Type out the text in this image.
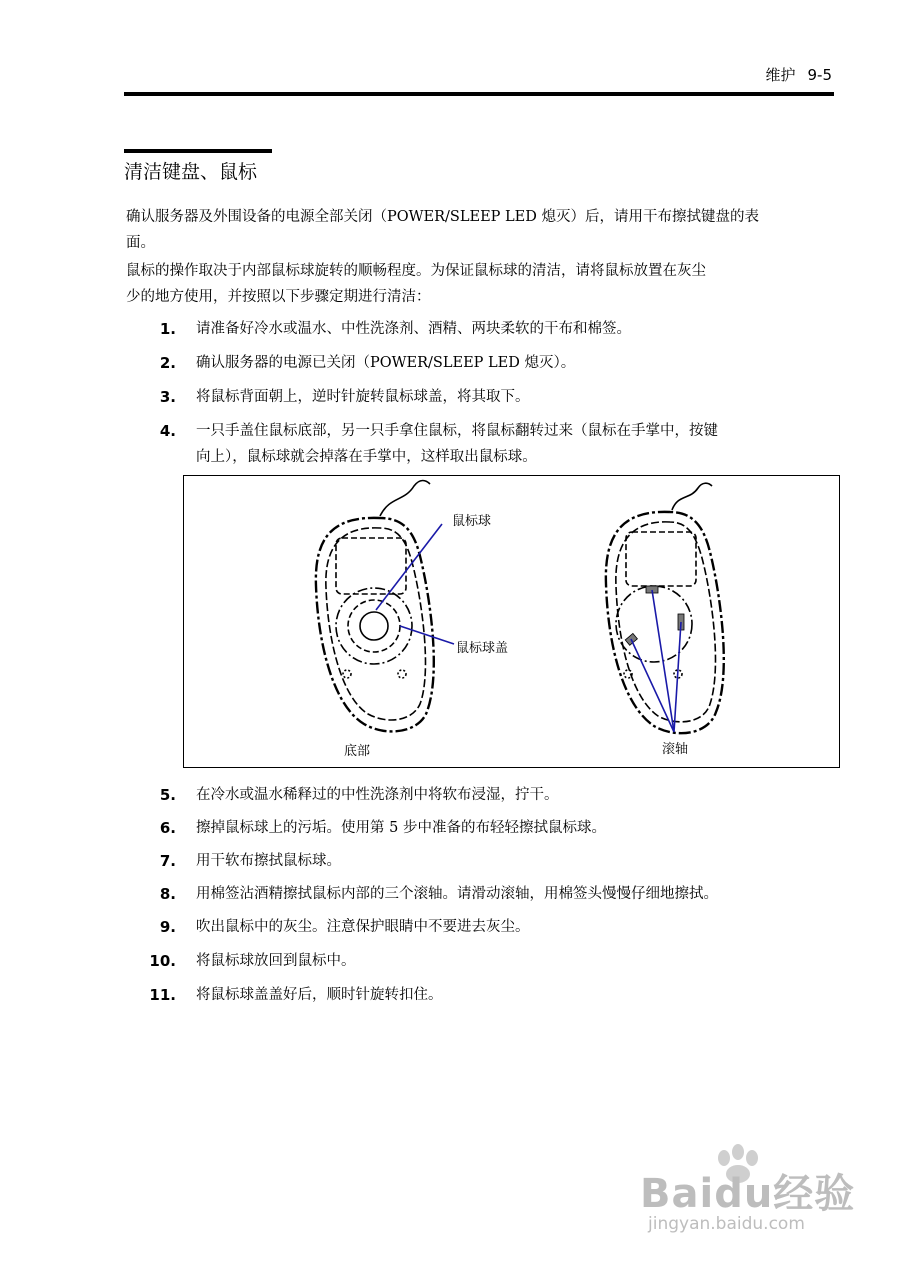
维护 9-5
清洁键盘、鼠标
确认服务器及外围设备的电源全部关闭（POWER/SLEEP LED 熄灭）后，请用干布擦拭键盘的表
面。
鼠标的操作取决于内部鼠标球旋转的顺畅程度。为保证鼠标球的清洁，请将鼠标放置在灰尘
少的地方使用，并按照以下步骤定期进行清洁：
1. 请准备好冷水或温水、中性洗涤剂、酒精、两块柔软的干布和棉签。
2. 确认服务器的电源已关闭（POWER/SLEEP LED 熄灭）。
3. 将鼠标背面朝上，逆时针旋转鼠标球盖，将其取下。
4. 一只手盖住鼠标底部，另一只手拿住鼠标，将鼠标翻转过来（鼠标在手掌中，按键
向上），鼠标球就会掉落在手掌中，这样取出鼠标球。
鼠标球
鼠标球盖
底部	滚轴
5. 在冷水或温水稀释过的中性洗涤剂中将软布浸湿，拧干。
6. 擦掉鼠标球上的污垢。使用第 5 步中准备的布轻轻擦拭鼠标球。
7. 用干软布擦拭鼠标球。
8. 用棉签沾酒精擦拭鼠标内部的三个滚轴。请滑动滚轴，用棉签头慢慢仔细地擦拭。
9. 吹出鼠标中的灰尘。注意保护眼睛中不要进去灰尘。
10. 将鼠标球放回到鼠标中。
11. 将鼠标球盖盖好后，顺时针旋转扣住。
Baidu经验
jingyan.baidu.com
